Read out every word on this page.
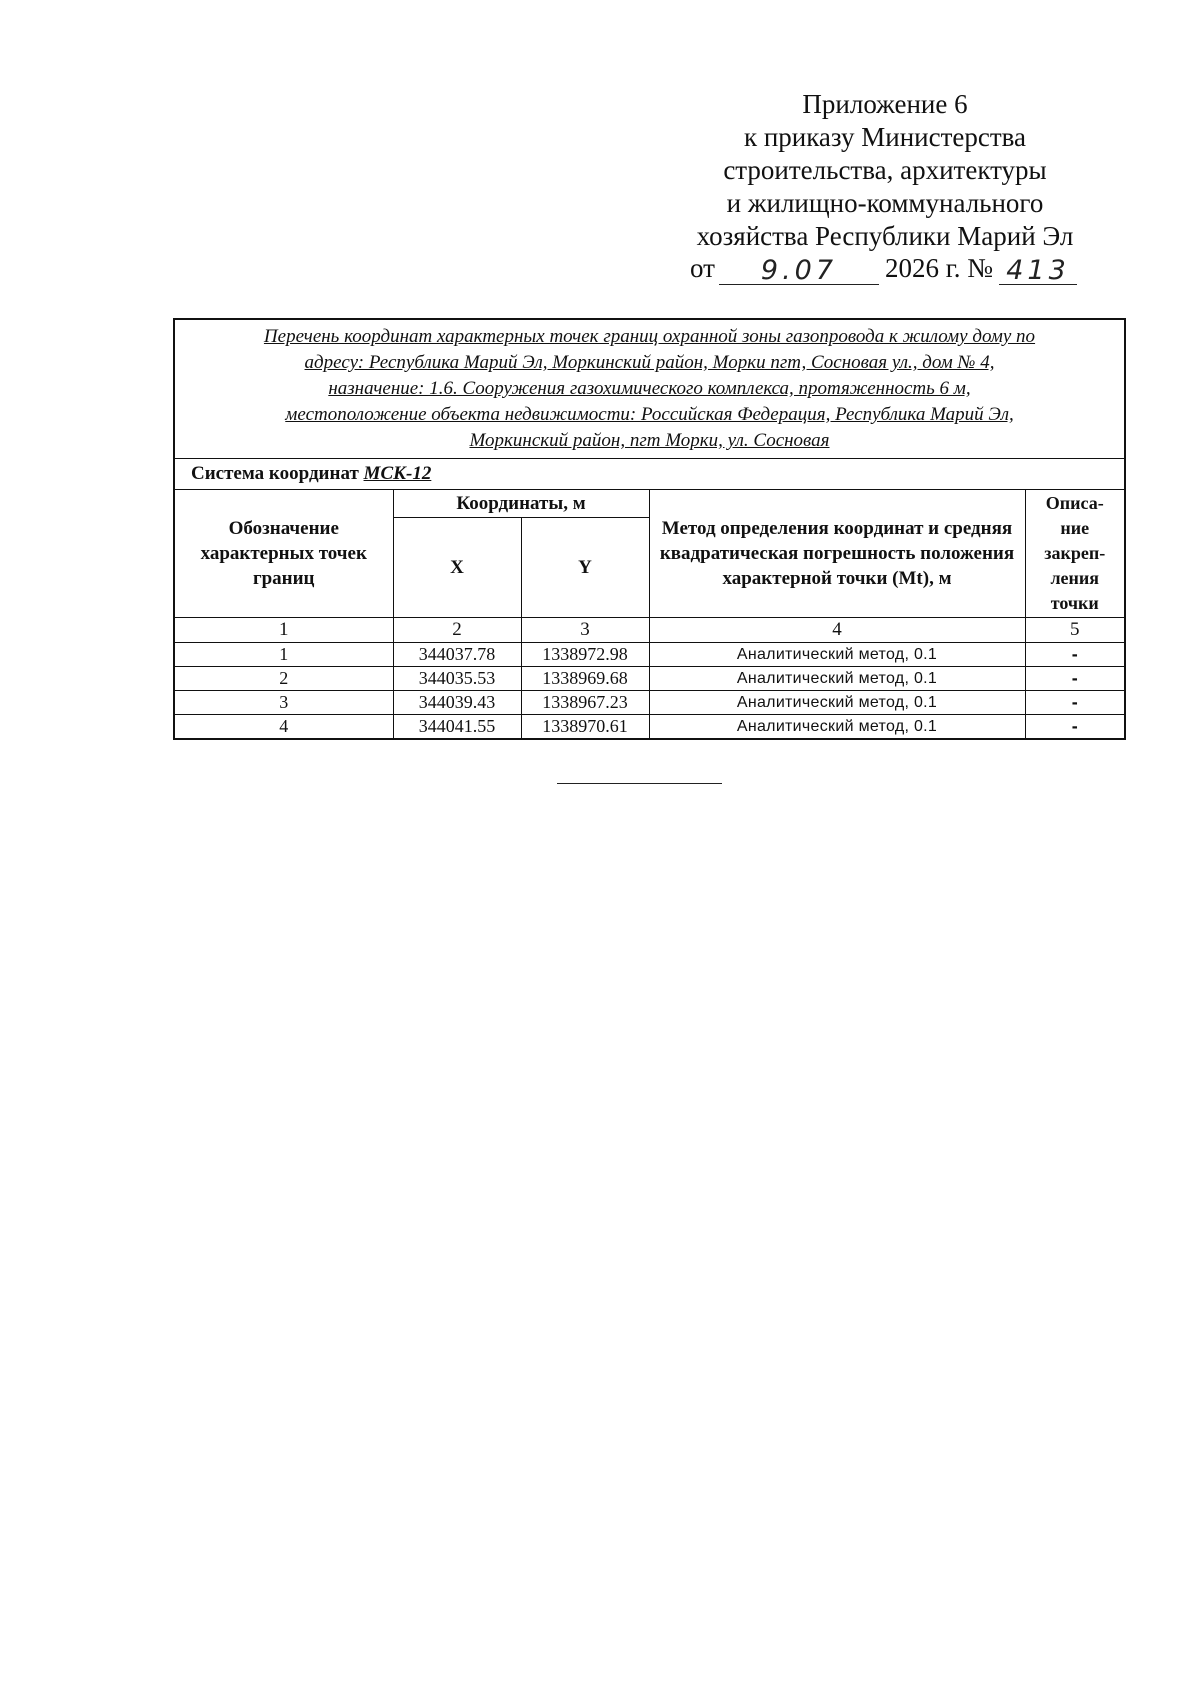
Приложение 6
к приказу Министерства
строительства, архитектуры
и жилищно-коммунального
хозяйства Республики Марий Эл
от 9.07 2026 г. № 413
Перечень координат характерных точек границ охранной зоны газопровода к жилому дому по
адресу: Республика Марий Эл, Моркинский район, Морки пгт, Сосновая ул., дом № 4,
назначение: 1.6. Сооружения газохимического комплекса, протяженность 6 м,
местоположение объекта недвижимости: Российская Федерация, Республика Марий Эл,
Моркинский район, пгт Морки, ул. Сосновая				

Система координат МСК-12				
Обозначение характерных точек границ	Координаты, м		Метод определения координат и средняя квадратическая погрешность положения характерной точки (Mt), м	Описа-
ние
закреп-
ления
точки

	X	Y		
1	2	3	4	5
1	344037.78	1338972.98	Аналитический метод, 0.1	-
2	344035.53	1338969.68	Аналитический метод, 0.1	-
3	344039.43	1338967.23	Аналитический метод, 0.1	-
4	344041.55	1338970.61	Аналитический метод, 0.1	-
